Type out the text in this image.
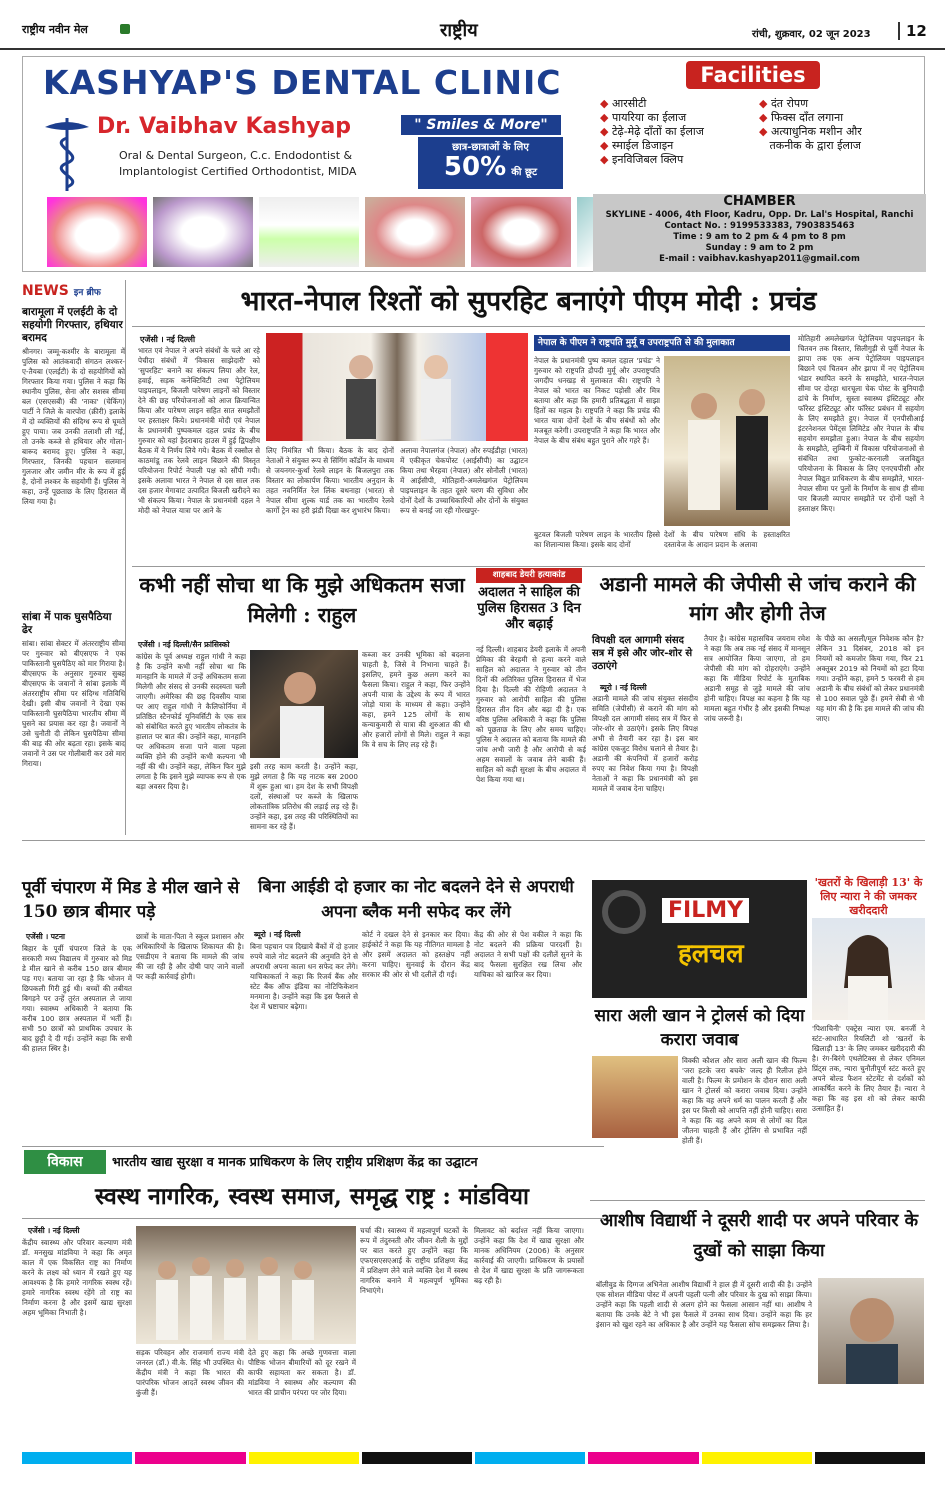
राष्ट्रीय नवीन मेल	राष्ट्रीय	रांची, शुक्रवार, 02 जून 2023	12
KASHYAP'S DENTAL CLINIC
Dr. Vaibhav Kashyap	" Smiles & More"
Oral & Dental Surgeon, C.c. Endodontist &
Implantologist Certified Orthodontist, MIDA
छात्र-छात्राओं के लिए
50% की छूट
Facilities
◆ आरसीटी
◆ पायरिया का ईलाज
◆ टेढ़े-मेढ़े दाँतों का ईलाज
◆ स्माईल डिजाइन
◆ इनविजिबल क्लिप
◆ दंत रोपण
◆ फिक्स दाँत लगाना
◆ अत्याधुनिक मशीन और
तकनीक के द्वारा ईलाज
CHAMBER
SKYLINE - 4006, 4th Floor, Kadru, Opp. Dr. Lal's Hospital, Ranchi
Contact No. : 9199533383, 7903835463
Time : 9 am to 2 pm & 4 pm to 8 pm
Sunday : 9 am to 2 pm
E-mail : vaibhav.kashyap2011@gmail.com
NEWS इन ब्रीफ
बारामूला में एलईटी के दो सहयोगी गिरफ्तार, हथियार बरामद
श्रीनगर। जम्मू-कश्मीर के बारामूला में पुलिस को आतंकवादी संगठन लश्कर-ए-तैयबा (एलईटी) के दो सहयोगियों को गिरफ्तार किया गया। पुलिस ने कहा कि स्थानीय पुलिस, सेना और सशस्त्र सीमा बल (एसएसबी) की 'नाका' (चेकिंग) पार्टी ने जिले के वारपोरा (क्रीरी) इलाके में दो व्यक्तियों की संदिग्ध रूप से घूमते हुए पाया। जब उनकी तलाशी ली गई, तो उनके कब्जे से हथियार और गोला-बारूद बरामद हुए। पुलिस ने कहा, गिरफ्तार, जिनकी पहचान सलमान गुलजार और जमीन मीर के रूप में हुई है, दोनों लश्कर के सहयोगी हैं। पुलिस ने कहा, उन्हें पूछताछ के लिए हिरासत में लिया गया है।
सांबा में पाक घुसपैठिया ढेर
सांबा। सांबा सेक्टर में अंतरराष्ट्रीय सीमा पर गुरुवार को बीएसएफ ने एक पाकिस्तानी घुसपैठिए को मार गिराया है। बीएसएफ के अनुसार गुरुवार सुबह बीएसएफ के जवानों ने सांबा इलाके में अंतरराष्ट्रीय सीमा पर संदिग्ध गतिविधि देखी। इसी बीच जवानों ने देखा एक पाकिस्तानी घुसपैठिया भारतीय सीमा में घुसने का प्रयास कर रहा है। जवानों ने उसे चुनौती दी लेकिन घुसपैठिया सीमा की बाड़ की ओर बढ़ता रहा। इसके बाद जवानों ने उस पर गोलीबारी कर उसे मार गिराया।
भारत-नेपाल रिश्तों को सुपरहिट बनाएंगे पीएम मोदी : प्रचंड
एजेंसी । नई दिल्ली
भारत एवं नेपाल ने अपने संबंधों के चले आ रहे पेचीदा संबंधों में 'विकास साझेदारी' को 'सुपरहिट' बनाने का संकल्प लिया और रेल, हवाई, सड़क कनेक्टिविटी तथा पेट्रोलियम पाइपलाइन, बिजली पारेषण लाइनों को विस्तार देने की छह परियोजनाओं को आज क्रियान्वित किया और पारेषण लाइन सहित सात समझौतों पर हस्ताक्षर किये। प्रधानमंत्री मोदी एवं नेपाल के प्रधानमंत्री पुष्पकमल दहल प्रचंड के बीच गुरुवार को यहां हैदराबाद हाउस में हुई द्विपक्षीय बैठक में ये निर्णय लिये गये। बैठक में रक्सौल से काठमांडू तक रेलवे लाइन बिछाने की विस्तृत परियोजना रिपोर्ट नेपाली पक्ष को सौंपी गयी। इसके अलावा भारत ने नेपाल से दस साल तक दस हजार मेगावाट उत्पादित बिजली खरीदने का भी संकल्प किया। नेपाल के प्रधानमंत्री दहल ने मोदी को नेपाल यात्रा पर आने के
लिए निमंत्रित भी किया। बैठक के बाद दोनों नेताओं ने संयुक्त रूप से सिंगिंग कॉर्डोन के माध्यम से जयनगर-कुर्था रेलवे लाइन के बिजलपुरा तक विस्तार का लोकार्पण किया। भारतीय अनुदान के तहत नवनिर्मित रेल लिंक बथनाहा (भारत) से नेपाल सीमा शुल्क यार्ड तक का भारतीय रेलवे कार्गो ट्रेन का हरी झंडी दिखा कर शुभारंभ किया।
अलावा नेपालगंज (नेपाल) और रुपईडीहा (भारत) में एकीकृत चेकपोस्ट (आईसीपी) का उद्घाटन किया तथा भैरहवा (नेपाल) और सोनौली (भारत) में आईसीपी, मोतिहारी-अमलेखगंज पेट्रोलियम पाइपलाइन के तहत दूसरे चरण की सुविधा और दोनों देशों के उच्चाधिकारियों और दोनों के संयुक्त रूप से बनाई जा रही गोरखपुर-
नेपाल के पीएम ने राष्ट्रपति मुर्मू व उपराष्ट्रपति से की मुलाकात
नेपाल के प्रधानमंत्री पुष्प कमल दहाल 'प्रचंड' ने गुरुवार को राष्ट्रपति द्रौपदी मुर्मू और उपराष्ट्रपति जगदीप धनखड़ से मुलाकात की। राष्ट्रपति ने नेपाल को भारत का निकट पड़ोसी और मित्र बताया और कहा कि हमारी प्रतिबद्धता में साझा हितों का महत्व है। राष्ट्रपति ने कहा कि प्रचंड की भारत यात्रा दोनों देशों के बीच संबंधों को और मजबूत करेगी। उपराष्ट्रपति ने कहा कि भारत और नेपाल के बीच संबंध बहुत पुराने और गहरे हैं।
बुटवल बिजली पारेषण लाइन के भारतीय हिस्से का शिलान्यास किया। इसके बाद दोनों
देशों के बीच पारेषण संधि के हस्ताक्षरित दस्तावेज के आदान प्रदान के अलावा
मोतिहारी अमलेखगंज पेट्रोलियम पाइपलाइन के चितवन तक विस्तार, सिलीगुड़ी से पूर्वी नेपाल के झापा तक एक अन्य पेट्रोलियम पाइपलाइन बिछाने एवं चितवन और झापा में नए पेट्रोलियम भंडार स्थापित करने के समझौते, भारत-नेपाल सीमा पर दोरहा धारचूला चेक पोस्ट के बुनियादी ढांचे के निर्माण, सुस्ता स्वास्थ्य इंस्टिट्यूट और फॉरेस्ट इंस्टिट्यूट और फॉरेस्ट प्रबंधन में सहयोग के लिए समझौते हुए। नेपाल में एनपीसीआई इंटरनेशनल पेमेंट्स लिमिटेड और नेपाल के बीच सहयोग समझौता हुआ। नेपाल के बीच सहयोग के समझौते, लुम्बिनी में विकास परियोजनाओं से संबंधित तथा फुकोट-करनाली जलविद्युत परियोजना के विकास के लिए एनएचपीसी और नेपाल विद्युत प्राधिकरण के बीच समझौते, भारत-नेपाल सीमा पर पुलों के निर्माण के साथ ही सीमा पार बिजली व्यापार समझौते पर दोनों पक्षों ने हस्ताक्षर किए।
कभी नहीं सोचा था कि मुझे अधिकतम सजा मिलेगी : राहुल
एजेंसी । नई दिल्ली/सैन फ्रांसिस्को
कांग्रेस के पूर्व अध्यक्ष राहुल गांधी ने कहा है कि उन्होंने कभी नहीं सोचा था कि मानहानि के मामले में उन्हें अधिकतम सजा मिलेगी और संसद से उनकी सदस्यता चली जाएगी। अमेरिका की छह दिवसीय यात्रा पर आए राहुल गांधी ने कैलिफोर्निया में प्रतिष्ठित स्टैनफोर्ड यूनिवर्सिटी के एक सत्र को संबोधित करते हुए भारतीय लोकतंत्र के हालात पर बात की। उन्होंने कहा, मानहानि पर अधिकतम सजा पाने वाला पहला व्यक्ति होने की उन्होंने कभी कल्पना भी नहीं की थी। उन्होंने कहा, लेकिन फिर मुझे लगता है कि इसने मुझे व्यापक रूप से एक बड़ा अवसर दिया है।
इसी तरह काम करती है। उन्होंने कहा, मुझे लगता है कि यह नाटक बस 2000 में शुरू हुआ था। हम देश के सभी विपक्षी दलों, संस्थाओं पर कब्जे के खिलाफ लोकतांत्रिक प्रतिरोध की लड़ाई लड़ रहे हैं। उन्होंने कहा, इस तरह की परिस्थितियों का सामना कर रहे हैं।
कब्जा कर उनकी भूमिका को बदलना चाहती है, जिसे वे निभाना चाहते हैं। इसलिए, हमने कुछ अलग करने का फैसला किया। राहुल ने कहा, फिर उन्होंने अपनी यात्रा के उद्देश्य के रूप में भारत जोड़ो यात्रा के माध्यम से कहा। उन्होंने कहा, हमने 125 लोगों के साथ कन्याकुमारी से यात्रा की शुरुआत की थी और हजारों लोगों से मिले। राहुल ने कहा कि वे सच के लिए लड़ रहे हैं।
शाहबाद डेयरी हत्याकांड
अदालत ने साहिल की पुलिस हिरासत 3 दिन और बढ़ाई
नई दिल्ली। शाहबाद डेयरी इलाके में अपनी प्रेमिका की बेरहमी से हत्या करने वाले साहिल को अदालत ने गुरुवार को तीन दिनों की अतिरिक्त पुलिस हिरासत में भेज दिया है। दिल्ली की रोहिणी अदालत ने गुरुवार को आरोपी साहिल की पुलिस हिरासत तीन दिन और बढ़ा दी है। एक वरिष्ठ पुलिस अधिकारी ने कहा कि पुलिस को पूछताछ के लिए और समय चाहिए। पुलिस ने अदालत को बताया कि मामले की जांच अभी जारी है और आरोपी से कई अहम सवालों के जवाब लेने बाकी हैं। साहिल को कड़ी सुरक्षा के बीच अदालत में पेश किया गया था।
अडानी मामले की जेपीसी से जांच कराने की मांग और होगी तेज
विपक्षी दल आगामी संसद सत्र में इसे और जोर-शोर से उठाएंगे
ब्यूरो । नई दिल्ली
अडानी मामले की जांच संयुक्त संसदीय समिति (जेपीसी) से कराने की मांग को विपक्षी दल आगामी संसद सत्र में फिर से जोर-शोर से उठाएंगे। इसके लिए विपक्ष अभी से तैयारी कर रहा है। इस बार कांग्रेस एकजुट विरोध चलाने से तैयार है। अडानी की कंपनियों में हजारों करोड़ रुपए का निवेश किया गया है। विपक्षी नेताओं ने कहा कि प्रधानमंत्री को इस मामले में जवाब देना चाहिए।
तैयार है। कांग्रेस महासचिव जयराम रमेश ने कहा कि अब तक नई संसद में मानसून सत्र आयोजित किया जाएगा, तो हम जेपीसी की मांग को दोहराएंगे। उन्होंने कहा कि मीडिया रिपोर्ट के मुताबिक अडानी समूह से जुड़े मामले की जांच होनी चाहिए। विपक्ष का कहना है कि यह मामला बहुत गंभीर है और इसकी निष्पक्ष जांच जरूरी है।
के पीछे का असली/मूल निवेशक कौन है? लेकिन 31 दिसंबर, 2018 को इन नियमों को कमजोर किया गया, फिर 21 अक्तूबर 2019 को नियमों को हटा दिया गया। उन्होंने कहा, हमने 5 फरवरी से हम अडानी के बीच संबंधों को लेकर प्रधानमंत्री से 100 सवाल पूछे हैं। हमने सेबी से भी यह मांग की है कि इस मामले की जांच की जाए।
पूर्वी चंपारण में मिड डे मील खाने से 150 छात्र बीमार पड़े
एजेंसी । पटना
बिहार के पूर्वी चंपारण जिले के एक सरकारी मध्य विद्यालय में गुरुवार को मिड डे मील खाने से करीब 150 छात्र बीमार पड़ गए। बताया जा रहा है कि भोजन में छिपकली गिरी हुई थी। बच्चों की तबीयत बिगड़ने पर उन्हें तुरंत अस्पताल ले जाया गया। स्वास्थ्य अधिकारी ने बताया कि करीब 100 छात्र अस्पताल में भर्ती हैं। सभी 50 छात्रों को प्राथमिक उपचार के बाद छुट्टी दे दी गई। उन्होंने कहा कि सभी की हालत स्थिर है।
छात्रों के माता-पिता ने स्कूल प्रशासन और अधिकारियों के खिलाफ शिकायत की है। एसडीएम ने बताया कि मामले की जांच की जा रही है और दोषी पाए जाने वालों पर कड़ी कार्रवाई होगी।
बिना आईडी दो हजार का नोट बदलने देने से अपराधी अपना ब्लैक मनी सफेद कर लेंगे
ब्यूरो । नई दिल्ली
बिना पहचान पत्र दिखाये बैंकों में दो हजार रुपये वाले नोट बदलने की अनुमति देने से अपराधी अपना काला धन सफेद कर लेंगे। याचिकाकर्ता ने कहा कि रिजर्व बैंक और स्टेट बैंक ऑफ इंडिया का नोटिफिकेशन मनमाना है। उन्होंने कहा कि इस फैसले से देश में भ्रष्टाचार बढ़ेगा।
कोर्ट ने दखल देने से इनकार कर दिया। हाईकोर्ट ने कहा कि यह नीतिगत मामला है और इसमें अदालत को हस्तक्षेप नहीं करना चाहिए। सुनवाई के दौरान केंद्र सरकार की ओर से भी दलीलें दी गईं।
केंद्र की ओर से पेश वकील ने कहा कि नोट बदलने की प्रक्रिया पारदर्शी है। अदालत ने सभी पक्षों की दलीलें सुनने के बाद फैसला सुरक्षित रख लिया और याचिका को खारिज कर दिया।
FILMY
हलचल
सारा अली खान ने ट्रोलर्स को दिया करारा जवाब
विक्की कौशल और सारा अली खान की फिल्म 'जरा हटके जरा बचके' जल्द ही रिलीज होने वाली है। फिल्म के प्रमोशन के दौरान सारा अली खान ने ट्रोलर्स को करारा जवाब दिया। उन्होंने कहा कि वह अपने धर्म का पालन करती हैं और इस पर किसी को आपत्ति नहीं होनी चाहिए। सारा ने कहा कि वह अपने काम से लोगों का दिल जीतना चाहती हैं और ट्रोलिंग से प्रभावित नहीं होती हैं।
'खतरों के खिलाड़ी 13' के लिए न्यारा ने की जमकर खरीददारी
'पिशाचिनी' एक्ट्रेस न्यारा एम. बनर्जी ने स्टंट-आधारित रियलिटी शो 'खतरों के खिलाड़ी 13' के लिए जमकर खरीददारी की है। रंग-बिरंगे एथलेटिक्स से लेकर एनिमल प्रिंट्स तक, न्यारा चुनौतीपूर्ण स्टंट करते हुए अपने बोल्ड फैशन स्टेटमेंट से दर्शकों को आकर्षित करने के लिए तैयार हैं। न्यारा ने कहा कि वह इस शो को लेकर काफी उत्साहित हैं।
विकास	भारतीय खाद्य सुरक्षा व मानक प्राधिकरण के लिए राष्ट्रीय प्रशिक्षण केंद्र का उद्घाटन
स्वस्थ नागरिक, स्वस्थ समाज, समृद्ध राष्ट्र : मांडविया
एजेंसी । नई दिल्ली
केंद्रीय स्वास्थ्य और परिवार कल्याण मंत्री डॉ. मनसुख मांडविया ने कहा कि अमृत काल में एक विकसित राष्ट्र का निर्माण करने के लक्ष्य को ध्यान में रखते हुए यह आवश्यक है कि हमारे नागरिक स्वस्थ रहें। हमारे नागरिक स्वस्थ रहेंगे तो राष्ट्र का निर्माण करना है और इसमें खाद्य सुरक्षा अहम भूमिका निभाती है।
सड़क परिवहन और राजमार्ग राज्य मंत्री जनरल (डॉ.) वी.के. सिंह भी उपस्थित थे। केंद्रीय मंत्री ने कहा कि भारत की पारंपरिक भोजन आदतें स्वस्थ जीवन की कुंजी हैं।
देते हुए कहा कि अच्छे गुणवत्ता वाला पौष्टिक भोजन बीमारियों को दूर रखने में काफी सहायता कर सकता है। डॉ. मांडविया ने स्वास्थ्य और कल्याण की भारत की प्राचीन परंपरा पर जोर दिया।
चर्चा की। स्वास्थ्य में महत्वपूर्ण घटकों के रूप में तंदुरुस्ती और जीवन शैली के मुद्दों पर बात करते हुए उन्होंने कहा कि एफएसएसएआई के राष्ट्रीय प्रशिक्षण केंद्र में प्रशिक्षण लेने वाले व्यक्ति देश में स्वस्थ नागरिक बनाने में महत्वपूर्ण भूमिका निभाएंगे।
मिलावट को बर्दाश्त नहीं किया जाएगा। उन्होंने कहा कि देश में खाद्य सुरक्षा और मानक अधिनियम (2006) के अनुसार कार्रवाई की जाएगी। प्राधिकरण के प्रयासों से देश में खाद्य सुरक्षा के प्रति जागरूकता बढ़ रही है।
आशीष विद्यार्थी ने दूसरी शादी पर अपने परिवार के दुखों को साझा किया
बॉलीवुड के दिग्गज अभिनेता आशीष विद्यार्थी ने हाल ही में दूसरी शादी की है। उन्होंने एक सोशल मीडिया पोस्ट में अपनी पहली पत्नी और परिवार के दुख को साझा किया। उन्होंने कहा कि पहली शादी से अलग होने का फैसला आसान नहीं था। आशीष ने बताया कि उनके बेटे ने भी इस फैसले में उनका साथ दिया। उन्होंने कहा कि हर इंसान को खुश रहने का अधिकार है और उन्होंने यह फैसला सोच समझकर लिया है।
